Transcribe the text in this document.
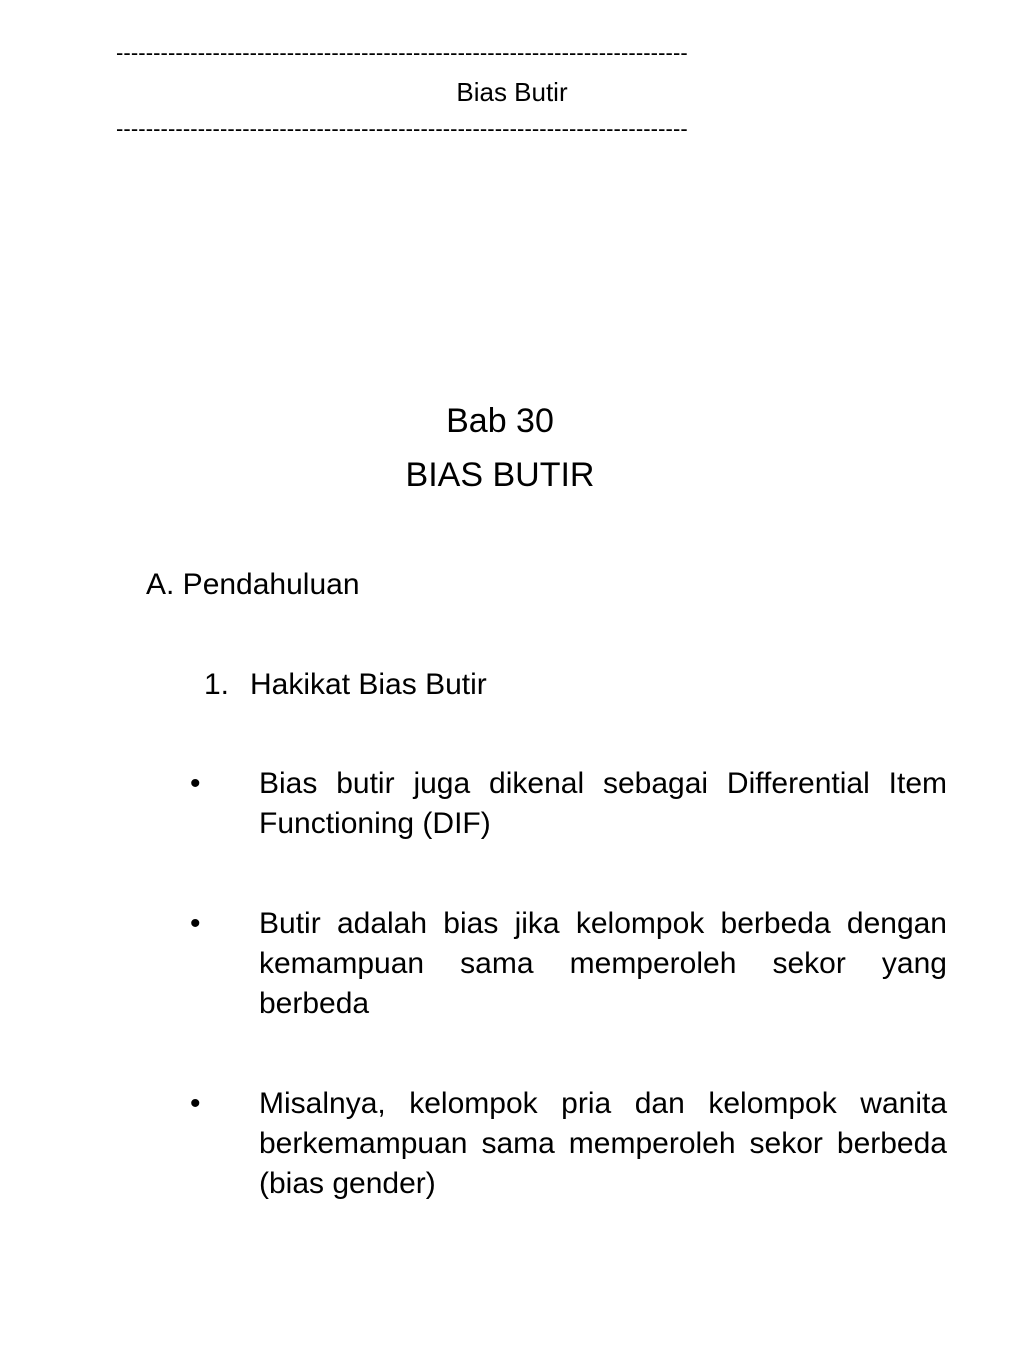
-----------------------------------------------------------------------------
Bias Butir
-----------------------------------------------------------------------------
Bab 30
BIAS BUTIR
A. Pendahuluan
1. Hakikat Bias Butir
• Bias butir juga dikenal sebagai Differential Item Functioning (DIF)
• Butir adalah bias jika kelompok berbeda dengan kemampuan sama memperoleh sekor yang berbeda
• Misalnya, kelompok pria dan kelompok wanita berkemampuan sama memperoleh sekor berbeda (bias gender)
